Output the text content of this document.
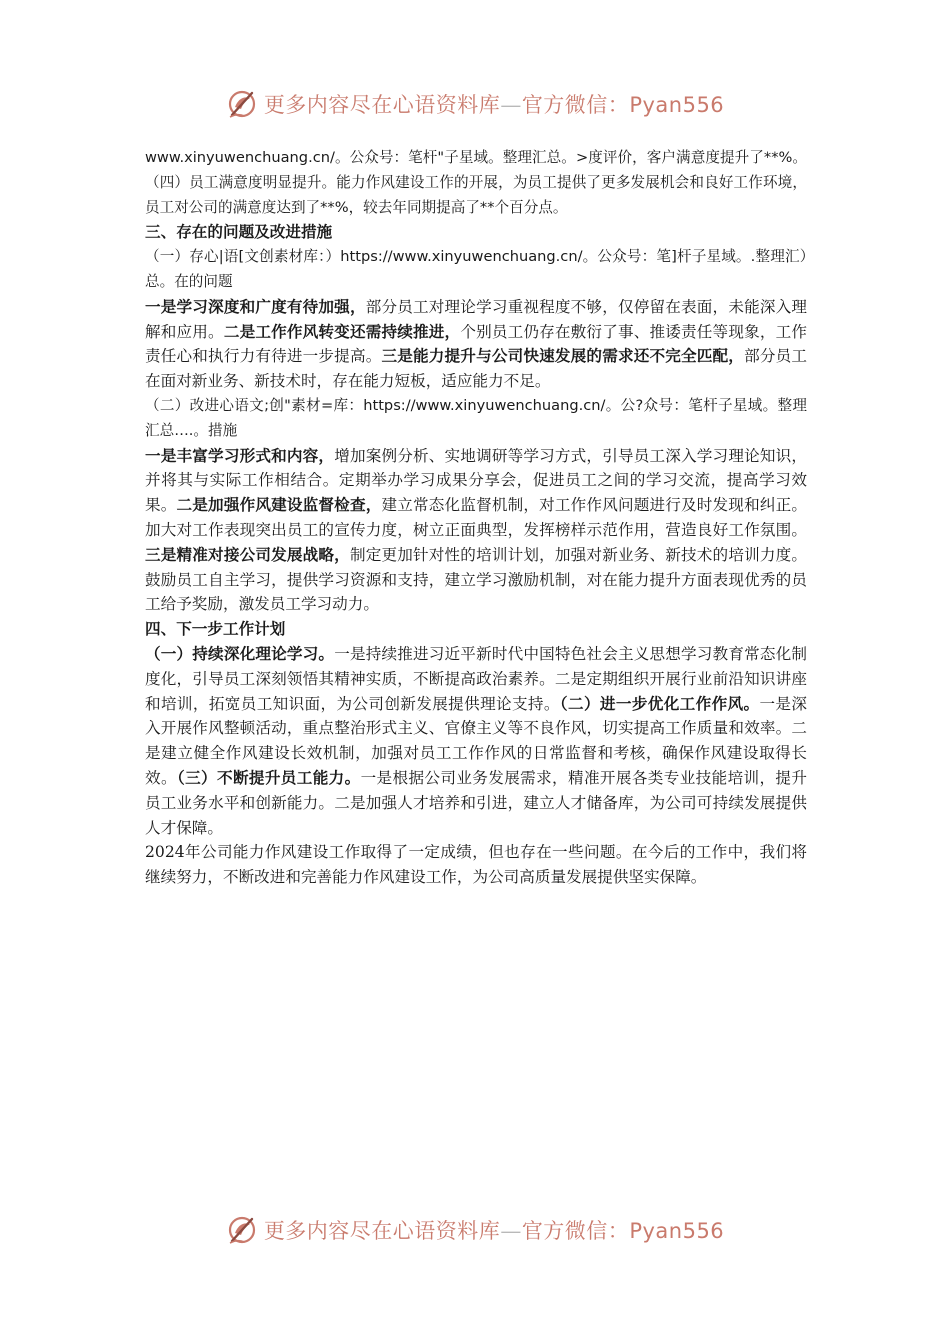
更多内容尽在心语资料库—官方微信：Pyan556

www.xinyuwenchuang.cn/。公众号：笔杆"子星域。整理汇总。>度评价，客户满意度提升了**%。（四）员工满意度明显提升。能力作风建设工作的开展，为员工提供了更多发展机会和良好工作环境，员工对公司的满意度达到了**%，较去年同期提高了**个百分点。

三、存在的问题及改进措施

（一）存心|语[文创素材库：）https://www.xinyuwenchuang.cn/。公众号：笔]杆子星域。.整理汇）总。在的问题

一是学习深度和广度有待加强，部分员工对理论学习重视程度不够，仅停留在表面，未能深入理解和应用。二是工作作风转变还需持续推进，个别员工仍存在敷衍了事、推诿责任等现象，工作责任心和执行力有待进一步提高。三是能力提升与公司快速发展的需求还不完全匹配，部分员工在面对新业务、新技术时，存在能力短板，适应能力不足。

（二）改进心语文;创"素材=库：https://www.xinyuwenchuang.cn/。公?众号：笔杆子星域。整理汇总….。措施

一是丰富学习形式和内容，增加案例分析、实地调研等学习方式，引导员工深入学习理论知识，并将其与实际工作相结合。定期举办学习成果分享会，促进员工之间的学习交流，提高学习效果。二是加强作风建设监督检查，建立常态化监督机制，对工作作风问题进行及时发现和纠正。加大对工作表现突出员工的宣传力度，树立正面典型，发挥榜样示范作用，营造良好工作氛围。三是精准对接公司发展战略，制定更加针对性的培训计划，加强对新业务、新技术的培训力度。鼓励员工自主学习，提供学习资源和支持，建立学习激励机制，对在能力提升方面表现优秀的员工给予奖励，激发员工学习动力。

四、下一步工作计划

（一）持续深化理论学习。一是持续推进习近平新时代中国特色社会主义思想学习教育常态化制度化，引导员工深刻领悟其精神实质，不断提高政治素养。二是定期组织开展行业前沿知识讲座和培训，拓宽员工知识面，为公司创新发展提供理论支持。（二）进一步优化工作作风。一是深入开展作风整顿活动，重点整治形式主义、官僚主义等不良作风，切实提高工作质量和效率。二是建立健全作风建设长效机制，加强对员工工作作风的日常监督和考核，确保作风建设取得长效。（三）不断提升员工能力。一是根据公司业务发展需求，精准开展各类专业技能培训，提升员工业务水平和创新能力。二是加强人才培养和引进，建立人才储备库，为公司可持续发展提供人才保障。

2024年公司能力作风建设工作取得了一定成绩，但也存在一些问题。在今后的工作中，我们将继续努力，不断改进和完善能力作风建设工作，为公司高质量发展提供坚实保障。

更多内容尽在心语资料库—官方微信：Pyan556
